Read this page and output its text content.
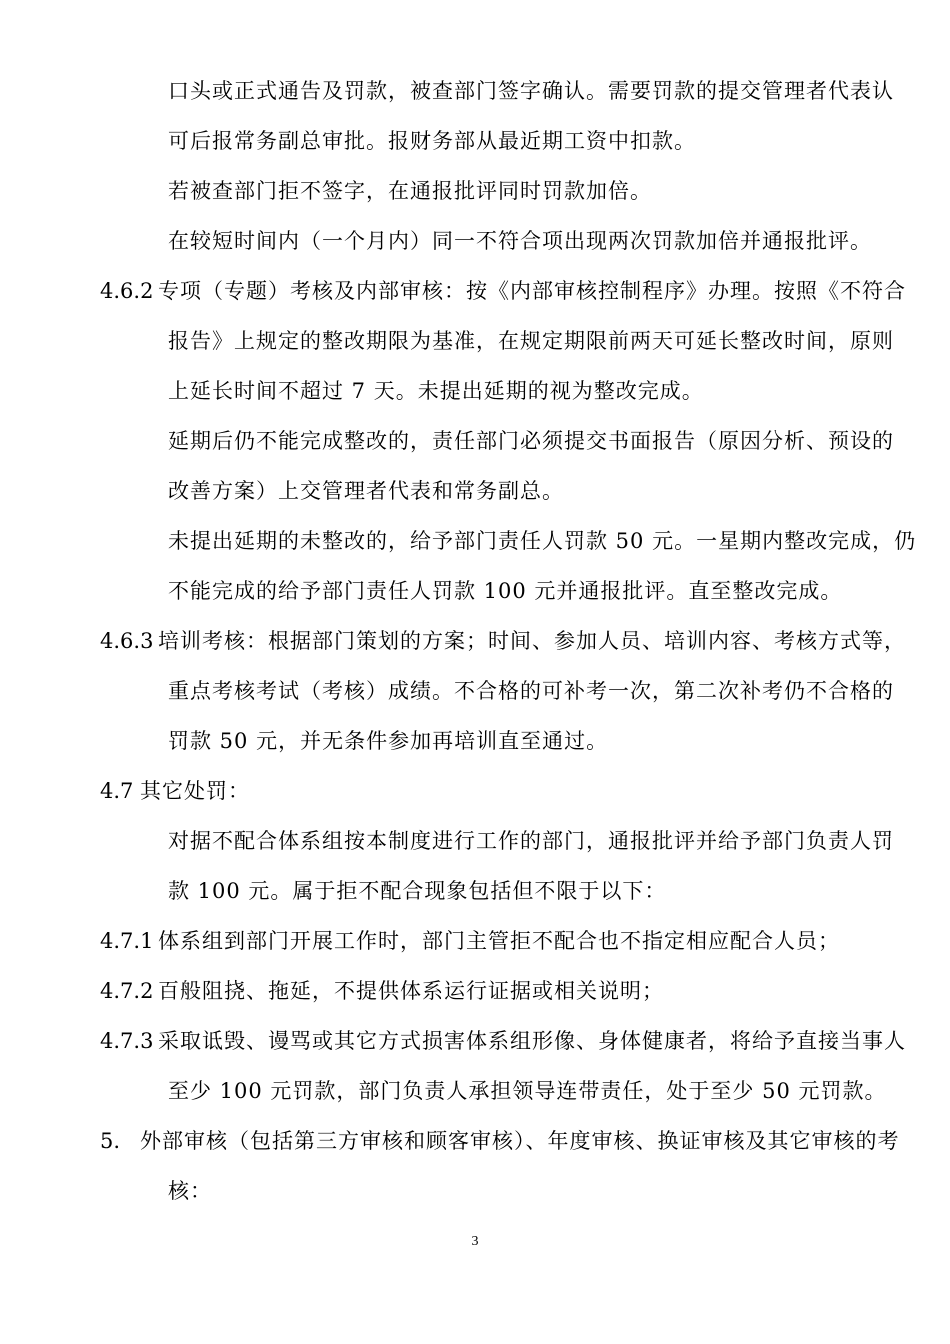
口头或正式通告及罚款，被查部门签字确认。需要罚款的提交管理者代表认
可后报常务副总审批。报财务部从最近期工资中扣款。
若被查部门拒不签字，在通报批评同时罚款加倍。
在较短时间内（一个月内）同一不符合项出现两次罚款加倍并通报批评。
4.6.2 专项（专题）考核及内部审核：按《内部审核控制程序》办理。按照《不符合
报告》上规定的整改期限为基准，在规定期限前两天可延长整改时间，原则
上延长时间不超过 7 天。未提出延期的视为整改完成。
延期后仍不能完成整改的，责任部门必须提交书面报告（原因分析、预设的
改善方案）上交管理者代表和常务副总。
未提出延期的未整改的，给予部门责任人罚款 50 元。一星期内整改完成，仍
不能完成的给予部门责任人罚款 100 元并通报批评。直至整改完成。
4.6.3 培训考核：根据部门策划的方案；时间、参加人员、培训内容、考核方式等，
重点考核考试（考核）成绩。不合格的可补考一次，第二次补考仍不合格的
罚款 50 元，并无条件参加再培训直至通过。
4.7 其它处罚：
对据不配合体系组按本制度进行工作的部门，通报批评并给予部门负责人罚
款 100 元。属于拒不配合现象包括但不限于以下：
4.7.1 体系组到部门开展工作时，部门主管拒不配合也不指定相应配合人员；
4.7.2 百般阻挠、拖延，不提供体系运行证据或相关说明；
4.7.3 采取诋毁、谩骂或其它方式损害体系组形像、身体健康者，将给予直接当事人
至少 100 元罚款，部门负责人承担领导连带责任，处于至少 50 元罚款。
5. 外部审核（包括第三方审核和顾客审核）、年度审核、换证审核及其它审核的考
核：
3
